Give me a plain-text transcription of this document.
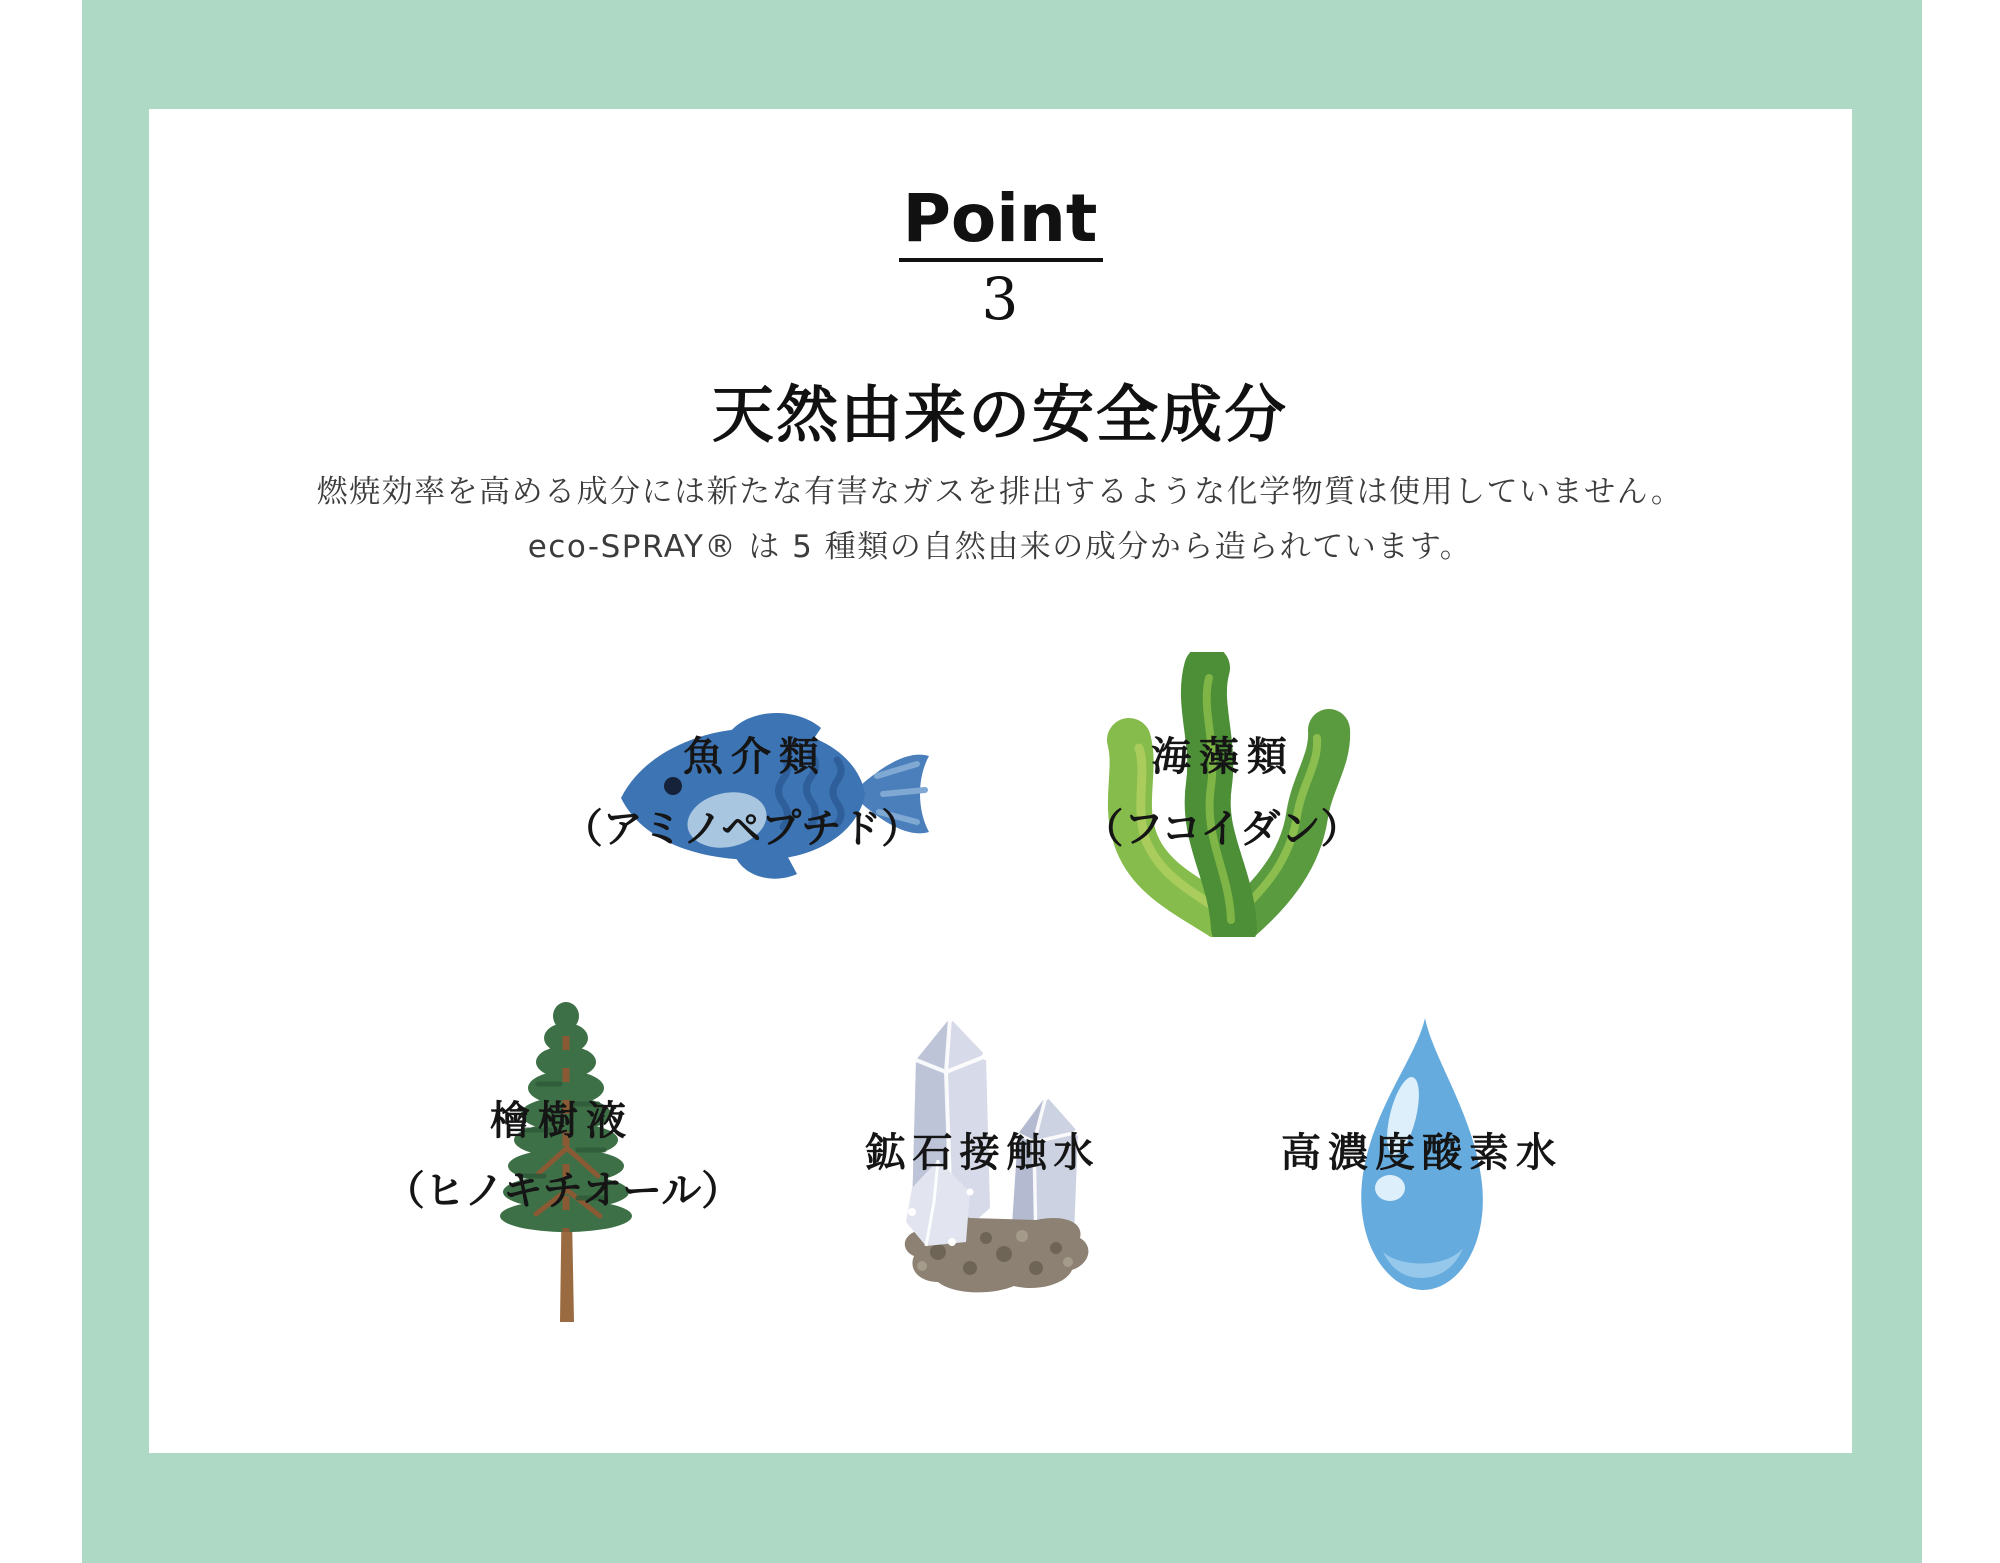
Point
3
天然由来の安全成分

燃焼効率を高める成分には新たな有害なガスを排出するような化学物質は使用していません。

eco-SPRAY® は 5 種類の自然由来の成分から造られています。

魚介類
（アミノペプチド）
海藻類
（フコイダン）
檜樹液
（ヒノキチオール）
鉱石接触水	高濃度酸素水
